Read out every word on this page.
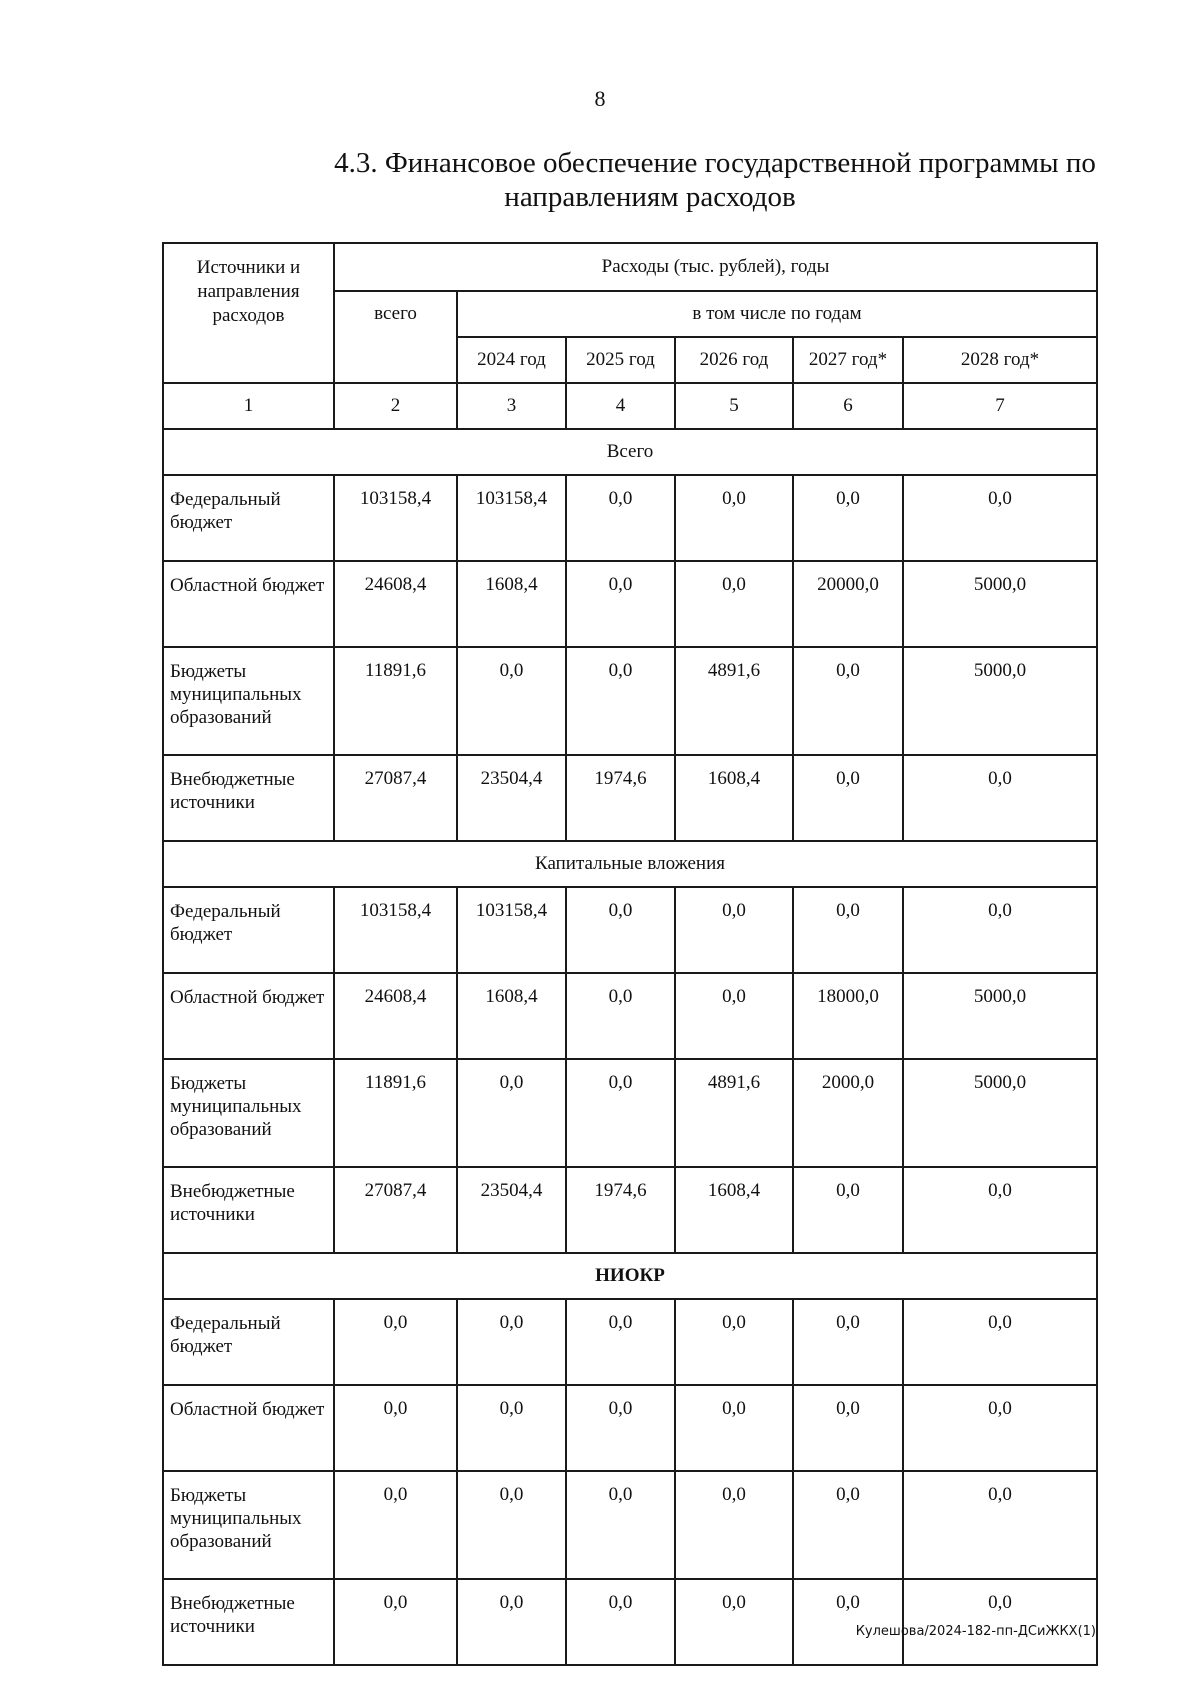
8
4.3. Финансовое обеспечение государственной программы по
направлениям расходов
Источники и направления расходов	Расходы (тыс. рублей), годы					
	всего	в том числе по годам				
		2024 год	2025 год	2026 год	2027 год*	2028 год*
1	2	3	4	5	6	7
Всего						
Федеральный бюджет	103158,4	103158,4	0,0	0,0	0,0	0,0
Областной бюджет	24608,4	1608,4	0,0	0,0	20000,0	5000,0
Бюджеты муниципальных образований	11891,6	0,0	0,0	4891,6	0,0	5000,0
Внебюджетные источники	27087,4	23504,4	1974,6	1608,4	0,0	0,0
Капитальные вложения						
Федеральный бюджет	103158,4	103158,4	0,0	0,0	0,0	0,0
Областной бюджет	24608,4	1608,4	0,0	0,0	18000,0	5000,0
Бюджеты муниципальных образований	11891,6	0,0	0,0	4891,6	2000,0	5000,0
Внебюджетные источники	27087,4	23504,4	1974,6	1608,4	0,0	0,0
НИОКР						
Федеральный бюджет	0,0	0,0	0,0	0,0	0,0	0,0
Областной бюджет	0,0	0,0	0,0	0,0	0,0	0,0
Бюджеты муниципальных образований	0,0	0,0	0,0	0,0	0,0	0,0
Внебюджетные источники	0,0	0,0	0,0	0,0	0,0	0,0
Кулешова/2024-182-пп-ДСиЖКХ(1)
